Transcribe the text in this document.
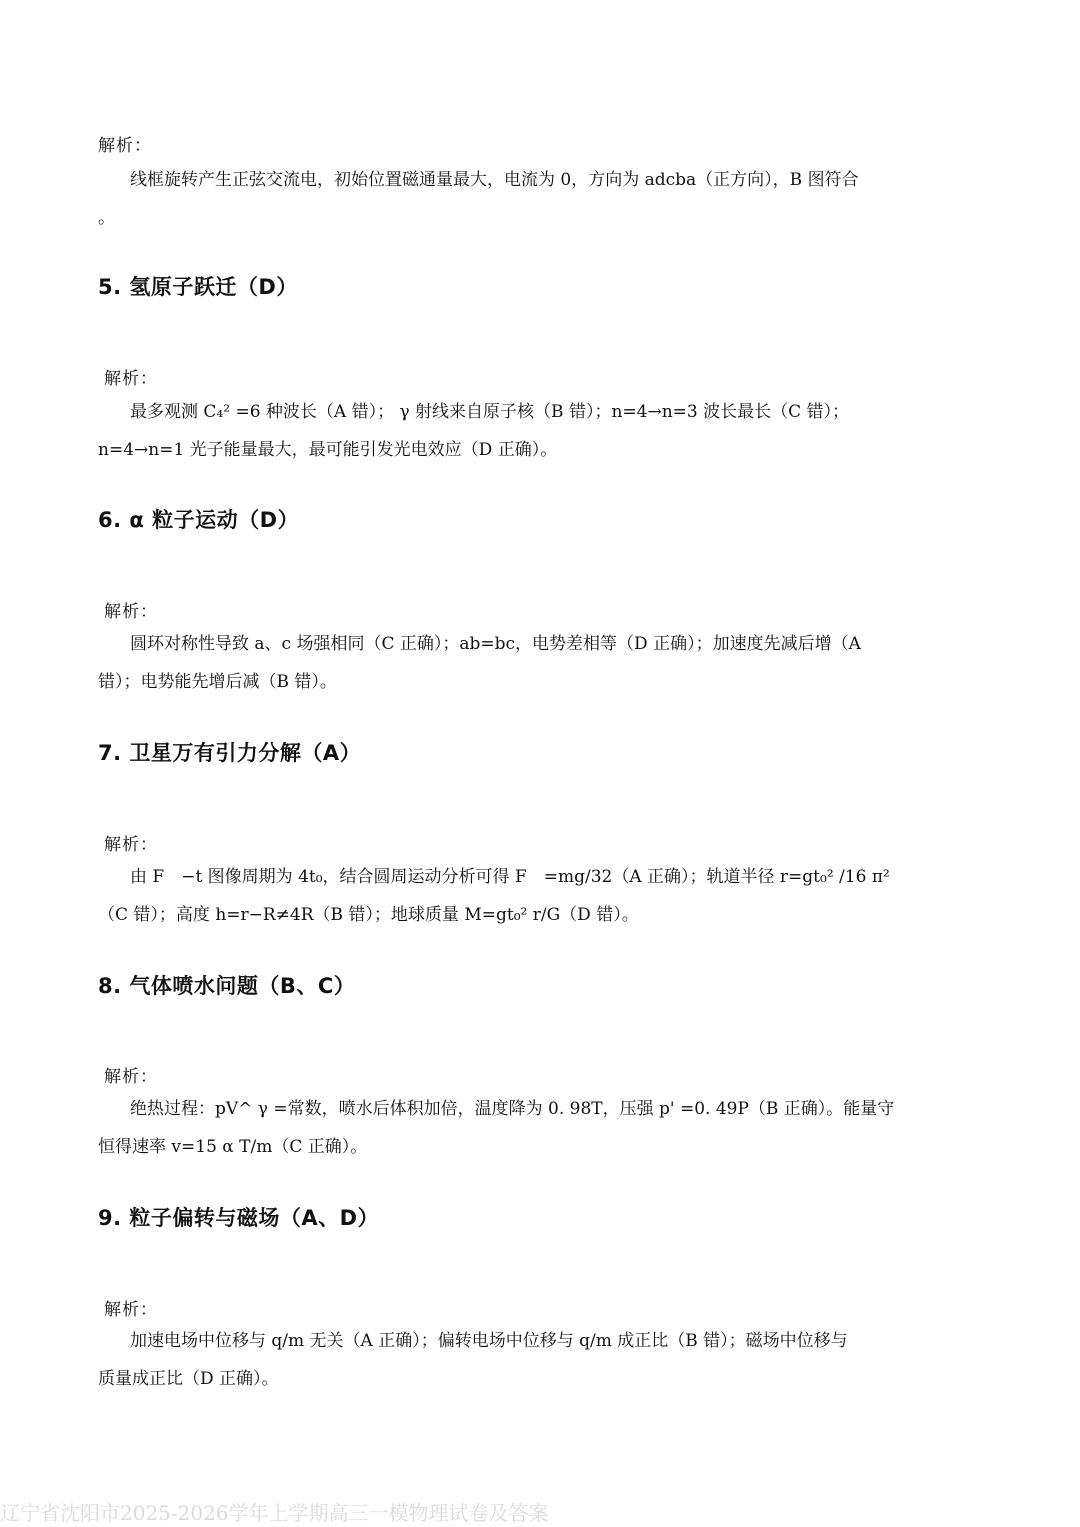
解析：
线框旋转产生正弦交流电，初始位置磁通量最大，电流为 0，方向为 adcba（正方向），B 图符合
。
5. 氢原子跃迁（D）
解析：
最多观测 C₄² =6 种波长（A 错）； γ 射线来自原子核（B 错）；n=4→n=3 波长最长（C 错）；
n=4→n=1 光子能量最大，最可能引发光电效应（D 正确）。
6. α 粒子运动（D）
解析：
圆环对称性导致 a、c 场强相同（C 正确）；ab=bc，电势差相等（D 正确）；加速度先减后增（A
错）；电势能先增后减（B 错）。
7. 卫星万有引力分解（A）
解析：
由 F　−t 图像周期为 4t₀，结合圆周运动分析可得 F　=mg/32（A 正确）；轨道半径 r=gt₀² /16 π²
（C 错）；高度 h=r−R≠4R（B 错）；地球质量 M=gt₀² r/G（D 错）。
8. 气体喷水问题（B、C）
解析：
绝热过程：pV^ γ =常数，喷水后体积加倍，温度降为 0. 98T，压强 p' =0. 49P（B 正确）。能量守
恒得速率 v=15 α T/m（C 正确）。
9. 粒子偏转与磁场（A、D）
解析：
加速电场中位移与 q/m 无关（A 正确）；偏转电场中位移与 q/m 成正比（B 错）；磁场中位移与
质量成正比（D 正确）。
辽宁省沈阳市2025-2026学年上学期高三一模物理试卷及答案
